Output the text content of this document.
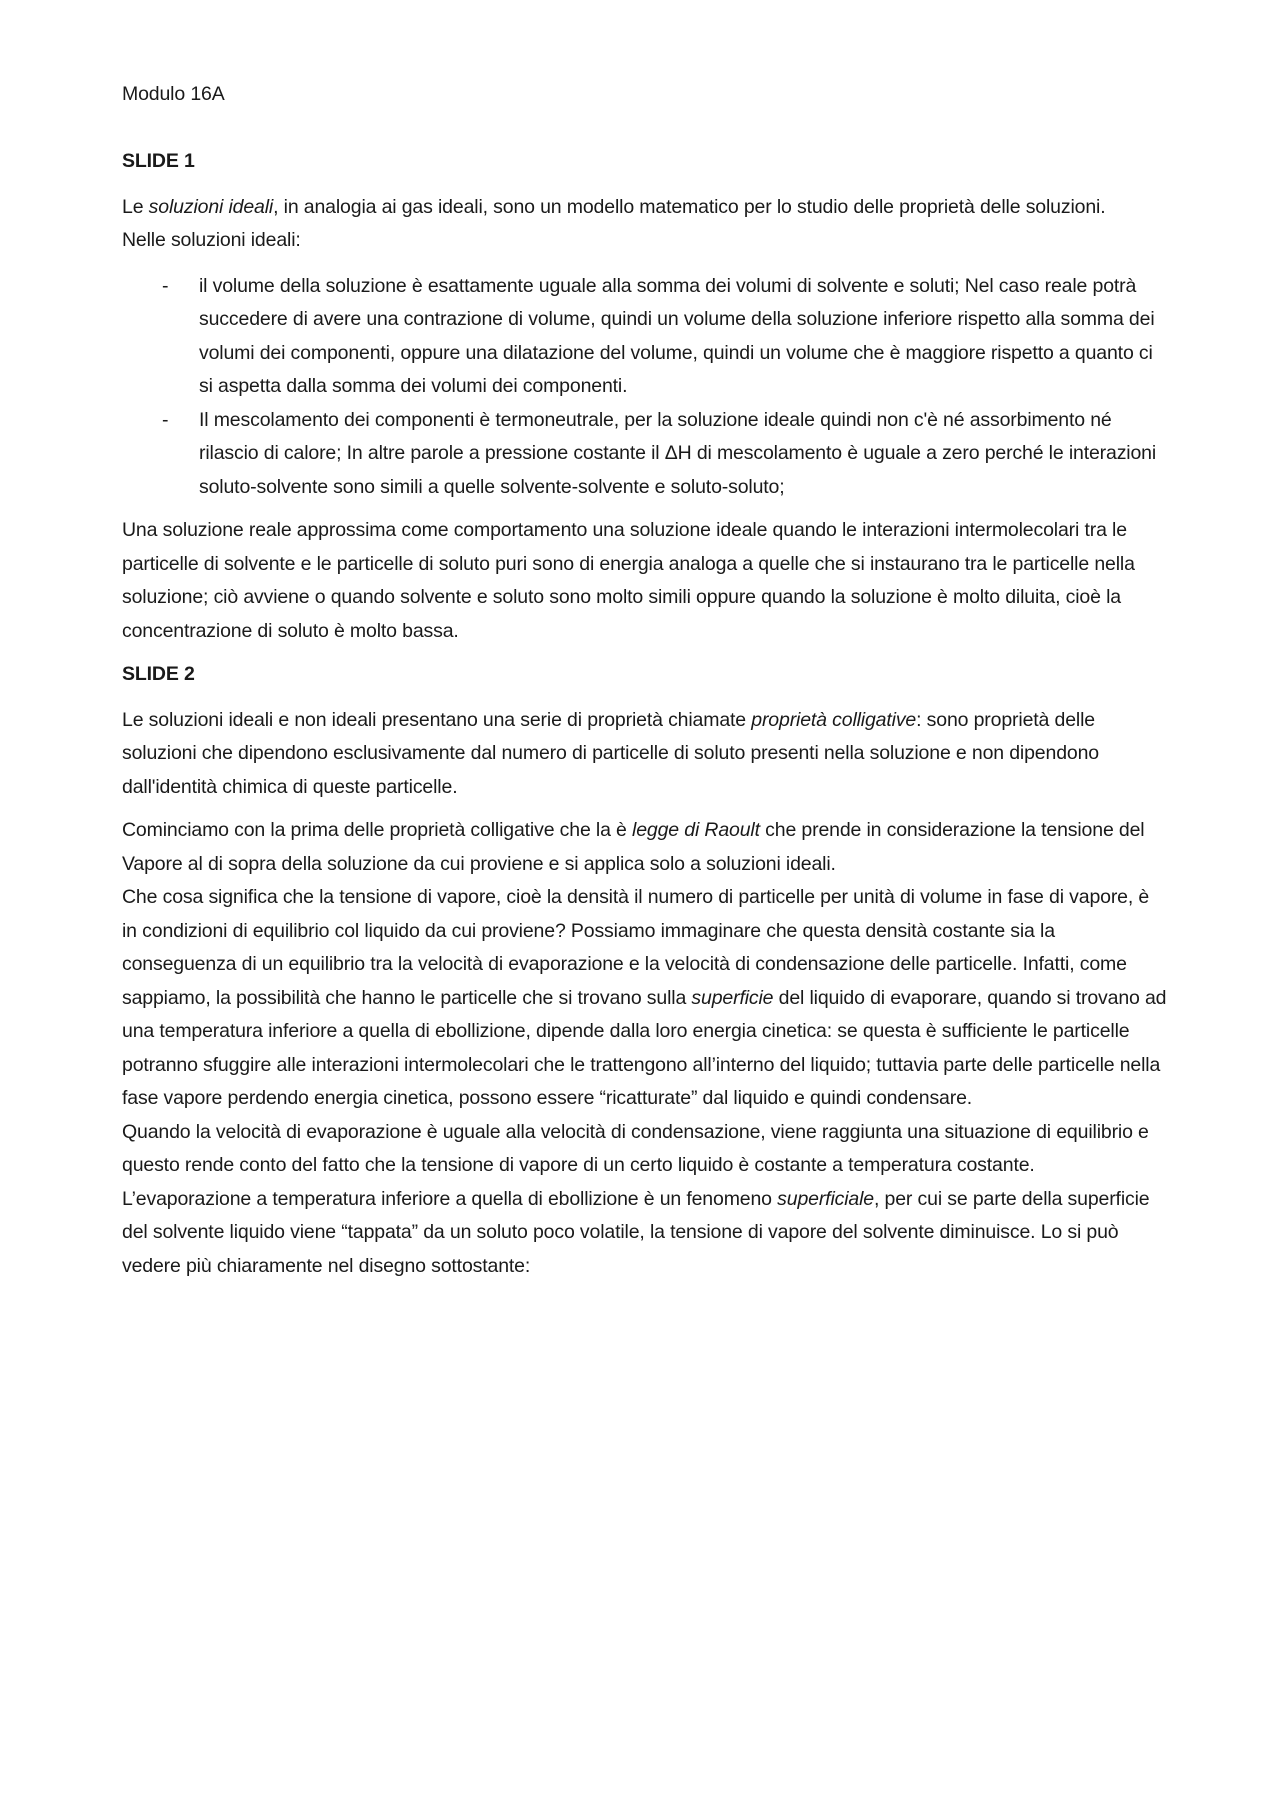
Modulo 16A

SLIDE 1

Le soluzioni ideali, in analogia ai gas ideali, sono un modello matematico per lo studio delle proprietà delle soluzioni.

Nelle soluzioni ideali:

- il volume della soluzione è esattamente uguale alla somma dei volumi di solvente e soluti; Nel caso reale potrà succedere di avere una contrazione di volume, quindi un volume della soluzione inferiore rispetto alla somma dei volumi dei componenti, oppure una dilatazione del volume, quindi un volume che è maggiore rispetto a quanto ci si aspetta dalla somma dei volumi dei componenti.
- Il mescolamento dei componenti è termoneutrale, per la soluzione ideale quindi non c'è né assorbimento né rilascio di calore; In altre parole a pressione costante il ΔH di mescolamento è uguale a zero perché le interazioni soluto-solvente sono simili a quelle solvente-solvente e soluto-soluto;

Una soluzione reale approssima come comportamento una soluzione ideale quando le interazioni intermolecolari tra le particelle di solvente e le particelle di soluto puri sono di energia analoga a quelle che si instaurano tra le particelle nella soluzione; ciò avviene o quando solvente e soluto sono molto simili oppure quando la soluzione è molto diluita, cioè la concentrazione di soluto è molto bassa.

SLIDE 2

Le soluzioni ideali e non ideali presentano una serie di proprietà chiamate proprietà colligative: sono proprietà delle soluzioni che dipendono esclusivamente dal numero di particelle di soluto presenti nella soluzione e non dipendono dall'identità chimica di queste particelle.

Cominciamo con la prima delle proprietà colligative che la è legge di Raoult che prende in considerazione la tensione del Vapore al di sopra della soluzione da cui proviene e si applica solo a soluzioni ideali.

Che cosa significa che la tensione di vapore, cioè la densità il numero di particelle per unità di volume in fase di vapore, è in condizioni di equilibrio col liquido da cui proviene? Possiamo immaginare che questa densità costante sia la conseguenza di un equilibrio tra la velocità di evaporazione e la velocità di condensazione delle particelle. Infatti, come sappiamo, la possibilità che hanno le particelle che si trovano sulla superficie del liquido di evaporare, quando si trovano ad una temperatura inferiore a quella di ebollizione, dipende dalla loro energia cinetica: se questa è sufficiente le particelle potranno sfuggire alle interazioni intermolecolari che le trattengono all’interno del liquido; tuttavia parte delle particelle nella fase vapore perdendo energia cinetica, possono essere “ricatturate” dal liquido e quindi condensare.

Quando la velocità di evaporazione è uguale alla velocità di condensazione, viene raggiunta una situazione di equilibrio e questo rende conto del fatto che la tensione di vapore di un certo liquido è costante a temperatura costante.

L’evaporazione a temperatura inferiore a quella di ebollizione è un fenomeno superficiale, per cui se parte della superficie del solvente liquido viene “tappata” da un soluto poco volatile, la tensione di vapore del solvente diminuisce. Lo si può vedere più chiaramente nel disegno sottostante:
